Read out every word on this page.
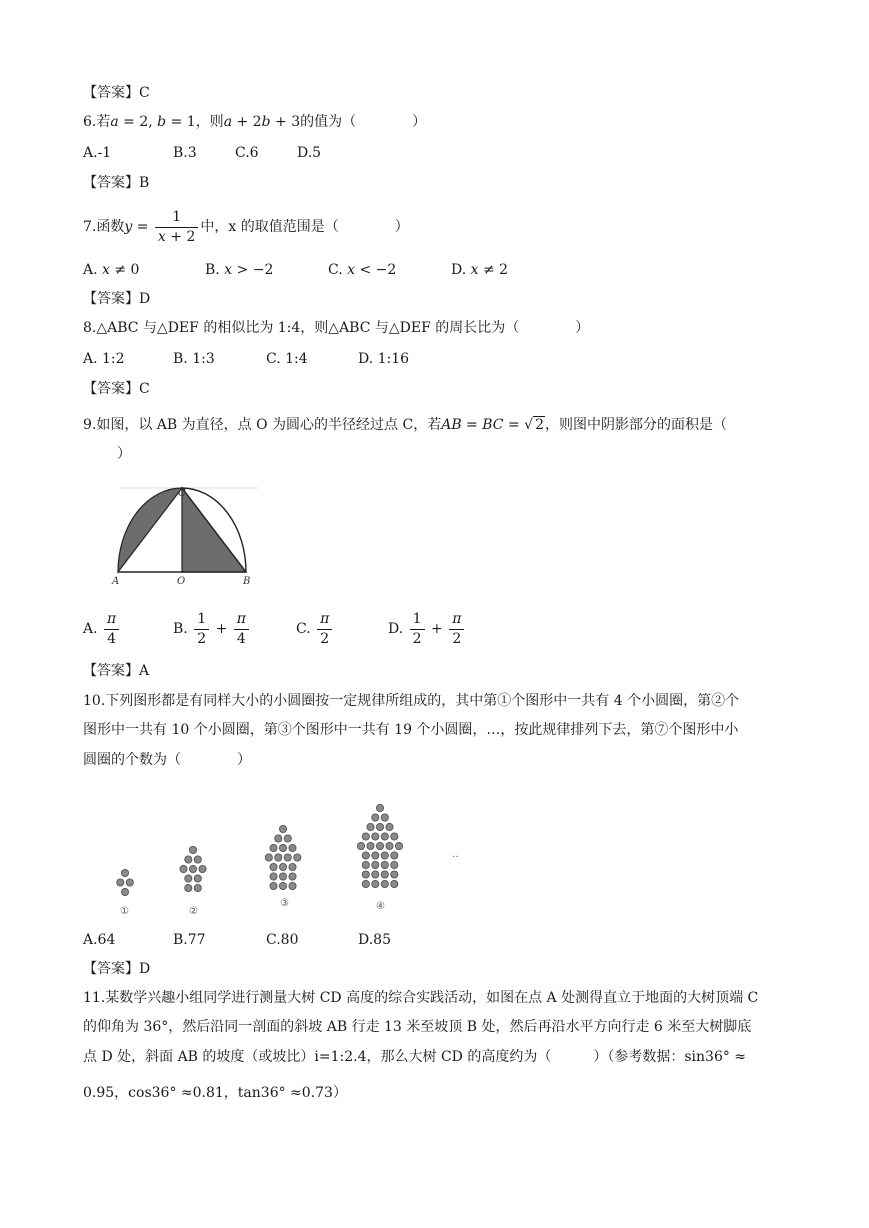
【答案】C
6.若a = 2, b = 1，则a + 2b + 3的值为（　　　　）
A.-1	B.3	C.6	D.5
【答案】B
7.函数$y = \frac{1}{x + 2}$ 中，x 的取值范围是（　　　　）
A. x ≠ 0	B. x > −2	C. x < −2	D. x ≠ 2
【答案】D
8.△ABC 与△DEF 的相似比为 1:4，则△ABC 与△DEF 的周长比为（　　　　）
A. 1:2	B. 1:3	C. 1:4	D. 1:16
【答案】C
9.如图，以 AB 为直径，点 O 为圆心的半径经过点 C，若AB = BC = √ 2，则图中阴影部分的面积是（
）
C
A	O	B
A. $\frac{\pi}{4}$	B. $\frac{1}{2} + \frac{\pi}{4}$	C. $\frac{\pi}{2}$	D. $\frac{1}{2} + \frac{\pi}{2}$
【答案】A
10.下列图形都是有同样大小的小圆圈按一定规律所组成的，其中第①个图形中一共有 4 个小圆圈，第②个
图形中一共有 10 个小圆圈，第③个图形中一共有 19 个小圆圈，…，按此规律排列下去，第⑦个图形中小
圆圈的个数为（　　　　）
①	②
③	④
‥
A.64	B.77	C.80	D.85
【答案】D
11.某数学兴趣小组同学进行测量大树 CD 高度的综合实践活动，如图在点 A 处测得直立于地面的大树顶端 C
的仰角为 36°，然后沿同一剖面的斜坡 AB 行走 13 米至坡顶 B 处，然后再沿水平方向行走 6 米至大树脚底
点 D 处，斜面 AB 的坡度（或坡比）i=1:2.4，那么大树 CD 的高度约为（　　　）（参考数据：sin36° ≈
0.95，cos36° ≈0.81，tan36° ≈0.73）
